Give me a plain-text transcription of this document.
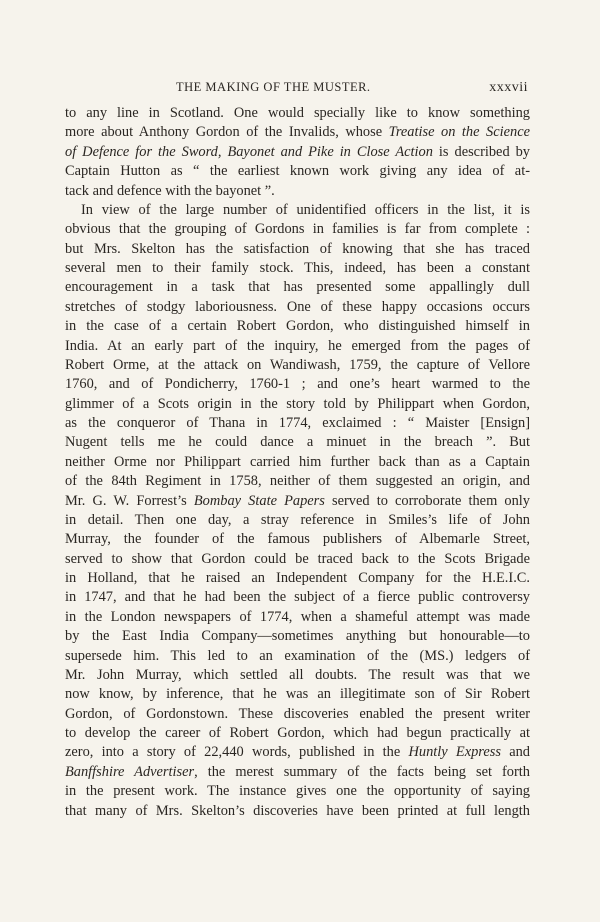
THE MAKING OF THE MUSTER.	xxxvii
to any line in Scotland. One would specially like to know something
more about Anthony Gordon of the Invalids, whose Treatise on the Science
of Defence for the Sword, Bayonet and Pike in Close Action is described by
Captain Hutton as “ the earliest known work giving any idea of at-
tack and defence with the bayonet ”.
In view of the large number of unidentified officers in the list, it is
obvious that the grouping of Gordons in families is far from complete :
but Mrs. Skelton has the satisfaction of knowing that she has traced
several men to their family stock. This, indeed, has been a constant
encouragement in a task that has presented some appallingly dull
stretches of stodgy laboriousness. One of these happy occasions occurs
in the case of a certain Robert Gordon, who distinguished himself in
India. At an early part of the inquiry, he emerged from the pages of
Robert Orme, at the attack on Wandiwash, 1759, the capture of Vellore
1760, and of Pondicherry, 1760-1 ; and one’s heart warmed to the
glimmer of a Scots origin in the story told by Philippart when Gordon,
as the conqueror of Thana in 1774, exclaimed : “ Maister [Ensign]
Nugent tells me he could dance a minuet in the breach ”. But
neither Orme nor Philippart carried him further back than as a Captain
of the 84th Regiment in 1758, neither of them suggested an origin, and
Mr. G. W. Forrest’s Bombay State Papers served to corroborate them only
in detail. Then one day, a stray reference in Smiles’s life of John
Murray, the founder of the famous publishers of Albemarle Street,
served to show that Gordon could be traced back to the Scots Brigade
in Holland, that he raised an Independent Company for the H.E.I.C.
in 1747, and that he had been the subject of a fierce public controversy
in the London newspapers of 1774, when a shameful attempt was made
by the East India Company—sometimes anything but honourable—to
supersede him. This led to an examination of the (MS.) ledgers of
Mr. John Murray, which settled all doubts. The result was that we
now know, by inference, that he was an illegitimate son of Sir Robert
Gordon, of Gordonstown. These discoveries enabled the present writer
to develop the career of Robert Gordon, which had begun practically at
zero, into a story of 22,440 words, published in the Huntly Express and
Banffshire Advertiser, the merest summary of the facts being set forth
in the present work. The instance gives one the opportunity of saying
that many of Mrs. Skelton’s discoveries have been printed at full length
